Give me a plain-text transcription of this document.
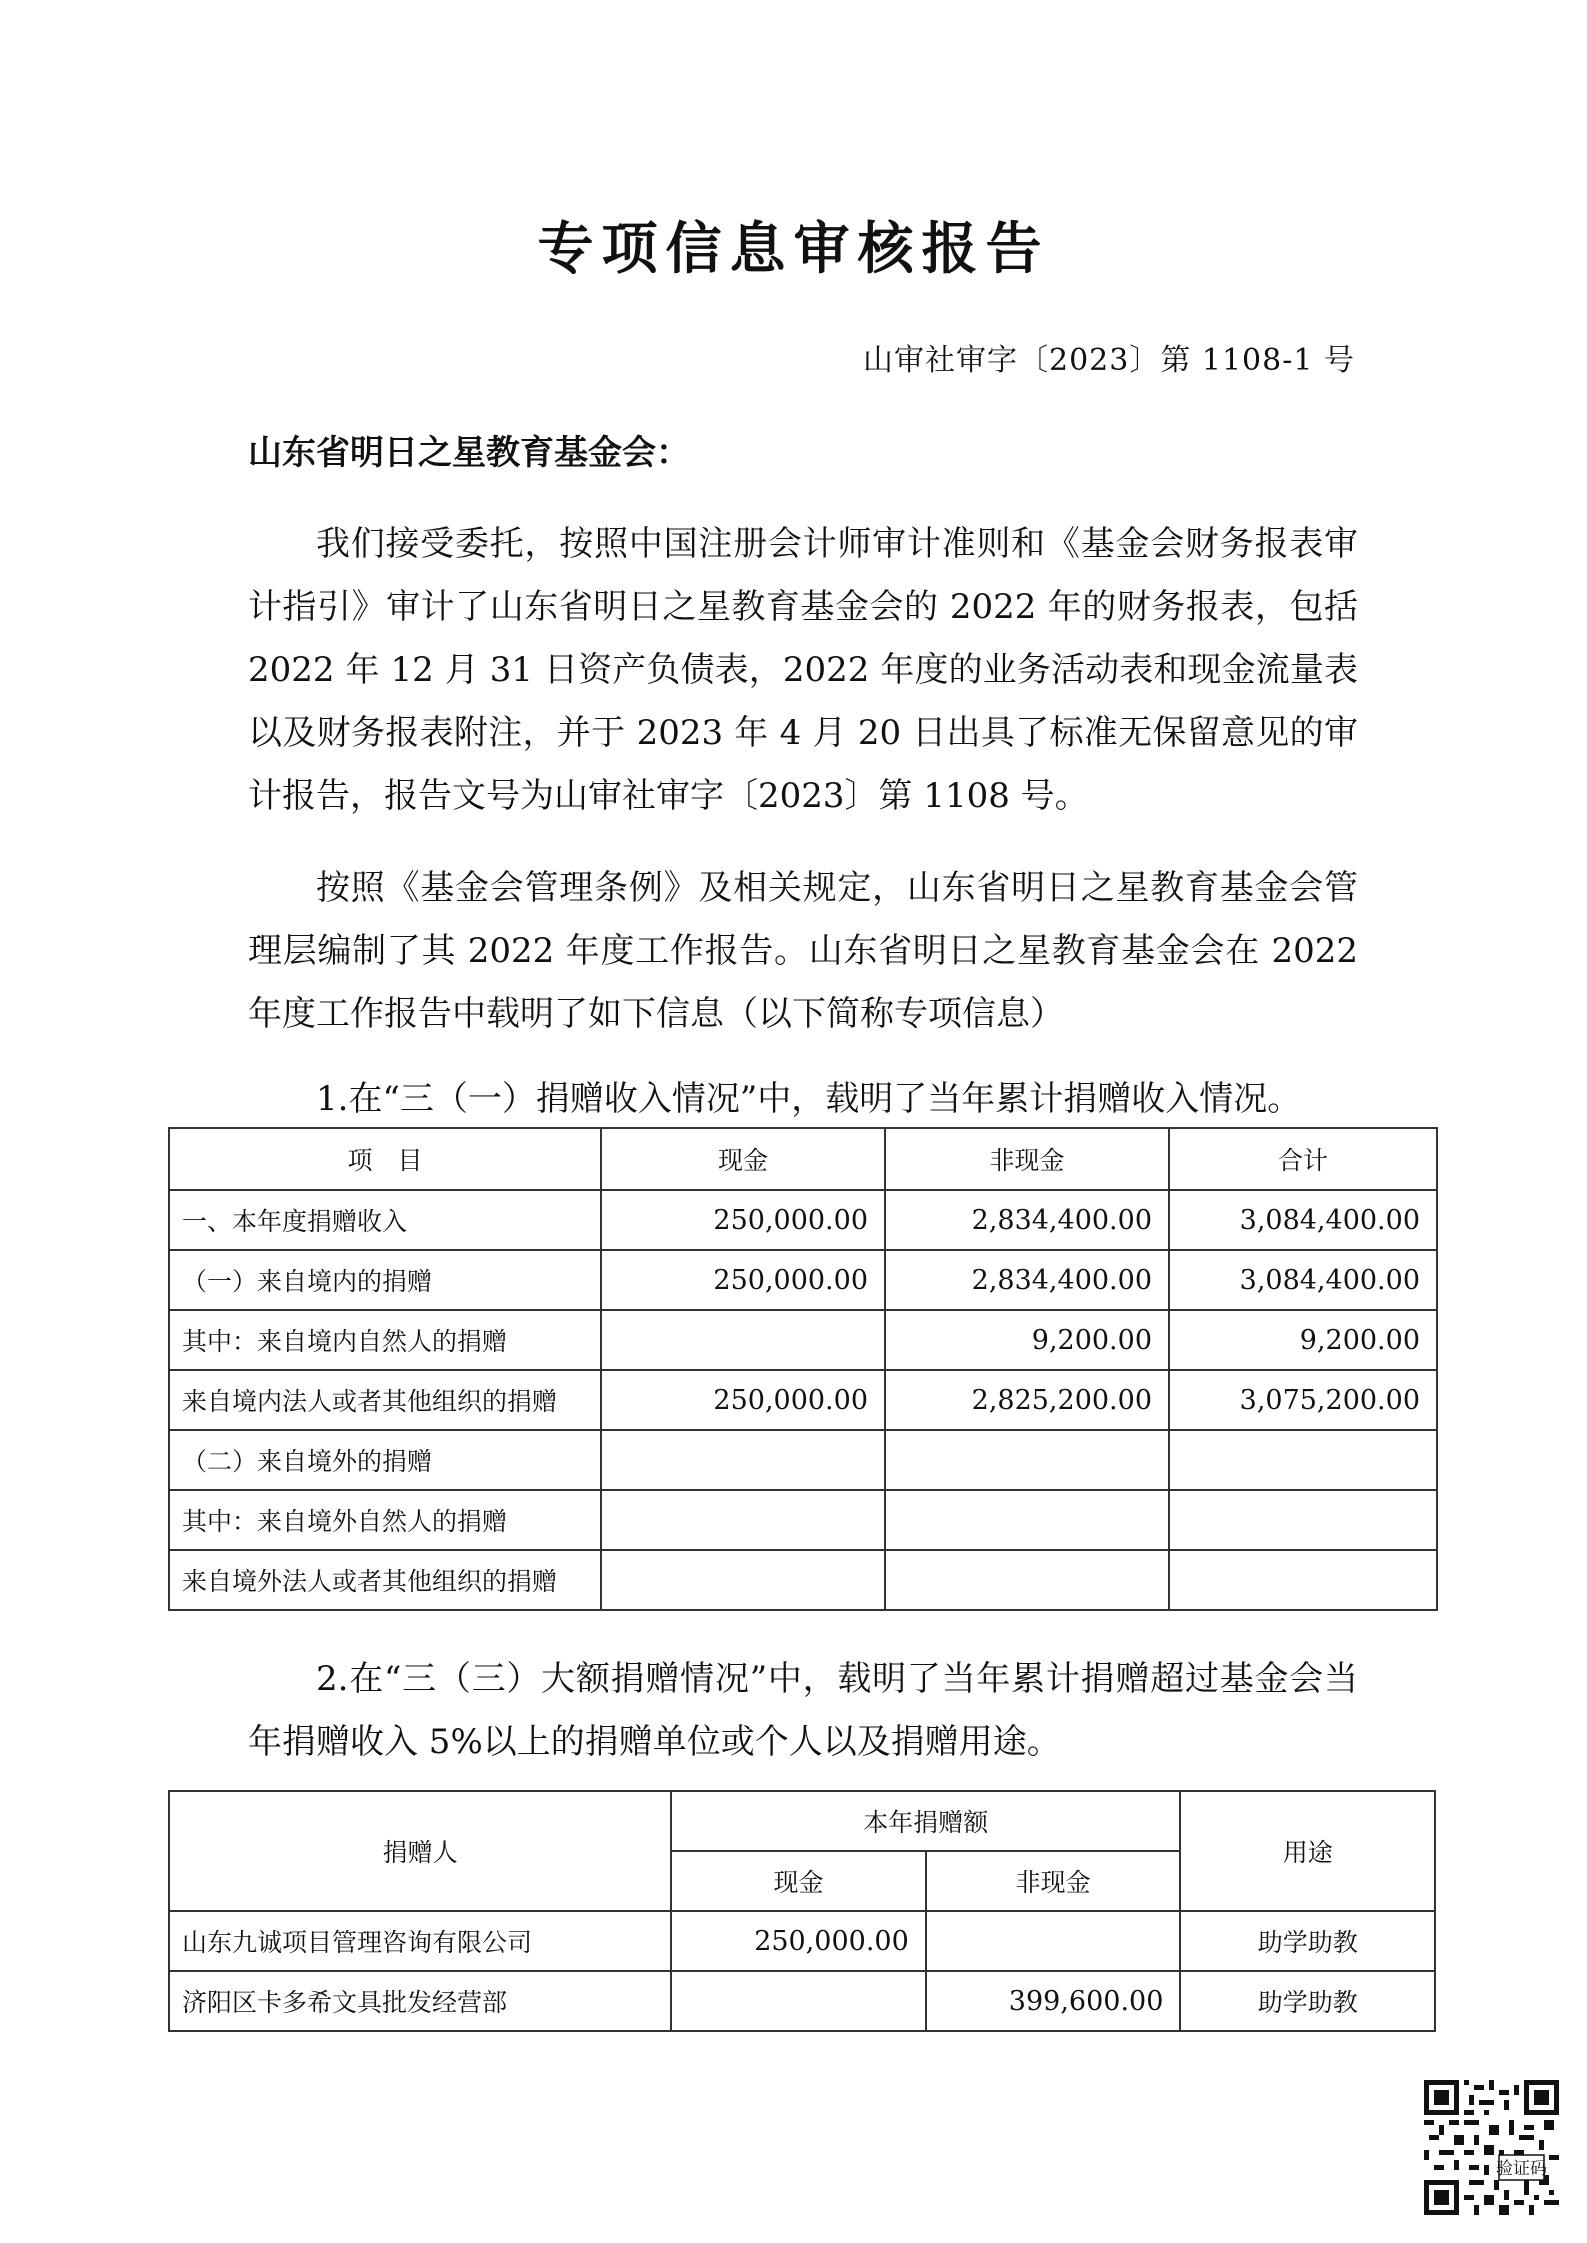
专项信息审核报告
山审社审字〔2023〕第 1108-1 号
山东省明日之星教育基金会：

我们接受委托，按照中国注册会计师审计准则和《基金会财务报表审计指引》审计了山东省明日之星教育基金会的 2022 年的财务报表，包括 2022 年 12 月 31 日资产负债表，2022 年度的业务活动表和现金流量表以及财务报表附注，并于 2023 年 4 月 20 日出具了标准无保留意见的审计报告，报告文号为山审社审字〔2023〕第 1108 号。

按照《基金会管理条例》及相关规定，山东省明日之星教育基金会管理层编制了其 2022 年度工作报告。山东省明日之星教育基金会在 2022 年度工作报告中载明了如下信息（以下简称专项信息）

1.在“三（一）捐赠收入情况”中，载明了当年累计捐赠收入情况。

项　目	现金	非现金	合计
一、本年度捐赠收入	250,000.00	2,834,400.00	3,084,400.00
（一）来自境内的捐赠	250,000.00	2,834,400.00	3,084,400.00
其中：来自境内自然人的捐赠		9,200.00	9,200.00
来自境内法人或者其他组织的捐赠	250,000.00	2,825,200.00	3,075,200.00
（二）来自境外的捐赠			
其中：来自境外自然人的捐赠			
来自境外法人或者其他组织的捐赠			

2.在“三（三）大额捐赠情况”中，载明了当年累计捐赠超过基金会当年捐赠收入 5%以上的捐赠单位或个人以及捐赠用途。

捐赠人	本年捐赠额		用途
	现金	非现金	
山东九诚项目管理咨询有限公司	250,000.00		助学助教
济阳区卡多希文具批发经营部		399,600.00	助学助教
验证码
